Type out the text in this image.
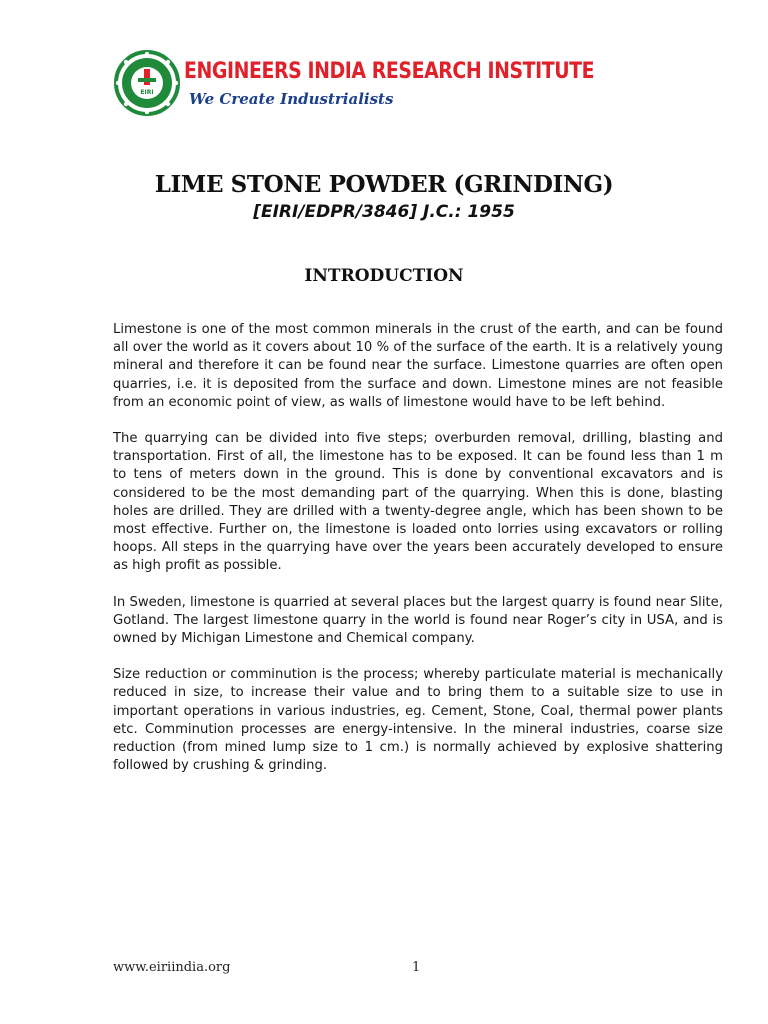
EIRI
ENGINEERS INDIA RESEARCH INSTITUTE
We Create Industrialists
LIME STONE POWDER (GRINDING)
[EIRI/EDPR/3846] J.C.: 1955
INTRODUCTION

Limestone is one of the most common minerals in the crust of the earth, and can be found all over the world as it covers about 10 % of the surface of the earth. It is a relatively young mineral and therefore it can be found near the surface. Limestone quarries are often open quarries, i.e. it is deposited from the surface and down. Limestone mines are not feasible from an economic point of view, as walls of limestone would have to be left behind.

The quarrying can be divided into five steps; overburden removal, drilling, blasting and transportation. First of all, the limestone has to be exposed. It can be found less than 1 m to tens of meters down in the ground. This is done by conventional excavators and is considered to be the most demanding part of the quarrying. When this is done, blasting holes are drilled. They are drilled with a twenty-degree angle, which has been shown to be most effective. Further on, the limestone is loaded onto lorries using excavators or rolling hoops. All steps in the quarrying have over the years been accurately developed to ensure as high profit as possible.

In Sweden, limestone is quarried at several places but the largest quarry is found near Slite, Gotland. The largest limestone quarry in the world is found near Roger’s city in USA, and is owned by Michigan Limestone and Chemical company.

Size reduction or comminution is the process; whereby particulate material is mechanically reduced in size, to increase their value and to bring them to a suitable size to use in important operations in various industries, eg. Cement, Stone, Coal, thermal power plants etc. Comminution processes are energy-intensive. In the mineral industries, coarse size reduction (from mined lump size to 1 cm.) is normally achieved by explosive shattering followed by crushing & grinding.

www.eiriindia.org	1
